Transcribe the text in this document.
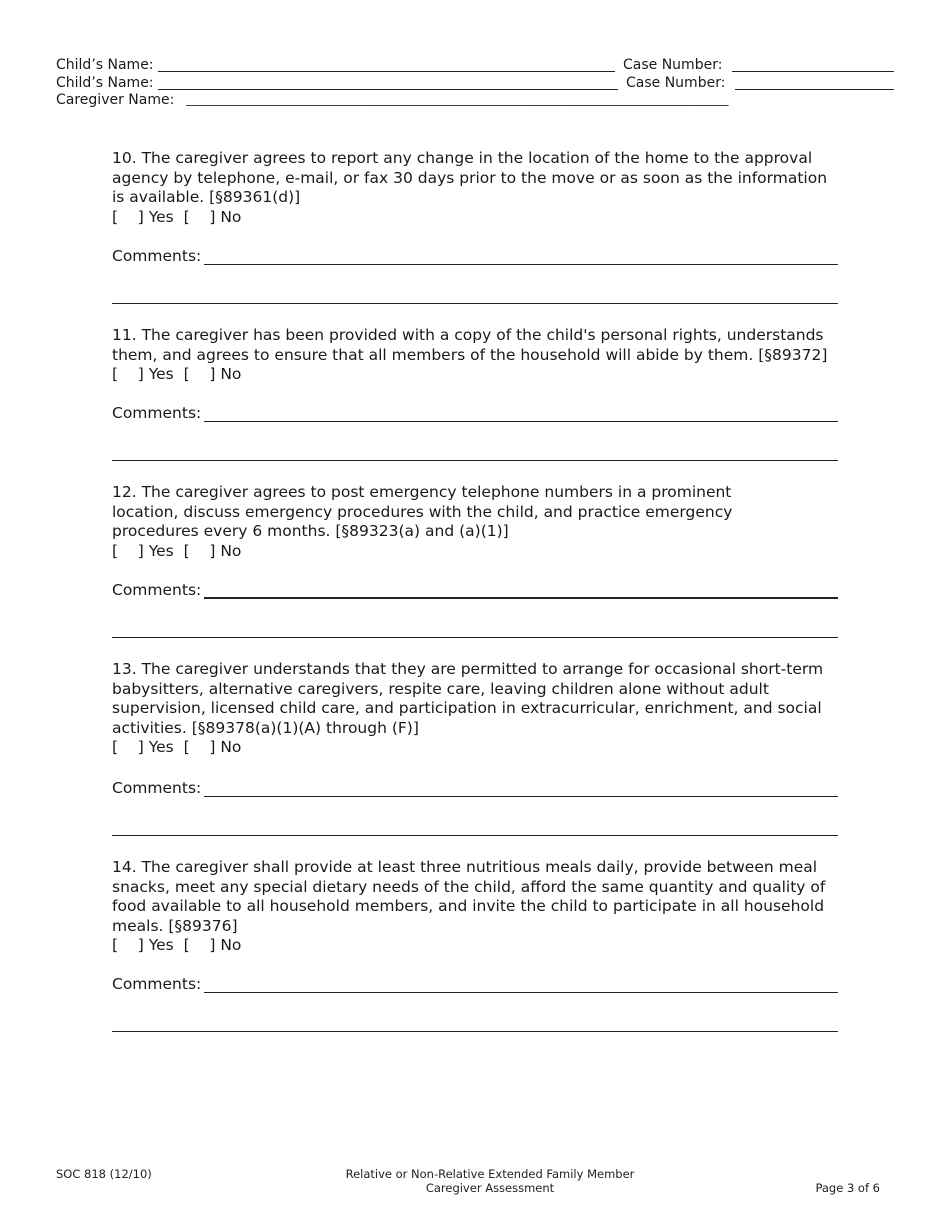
Child’s Name:	Case Number:
Child’s Name:	Case Number:
Caregiver Name: _________________________________________________________________________________

10. The caregiver agrees to report any change in the location of the home to the approval agency by telephone, e-mail, or fax 30 days prior to the move or as soon as the information is available. [§89361(d)]

[    ] Yes  [    ] No
Comments:

11. The caregiver has been provided with a copy of the child's personal rights, understands them, and agrees to ensure that all members of the household will abide by them. [§89372]

[    ] Yes  [    ] No
Comments:

12. The caregiver agrees to post emergency telephone numbers in a prominent location, discuss emergency procedures with the child, and practice emergency procedures every 6 months. [§89323(a) and (a)(1)]

[    ] Yes  [    ] No
Comments:

13. The caregiver understands that they are permitted to arrange for occasional short-term babysitters, alternative caregivers, respite care, leaving children alone without adult supervision, licensed child care, and participation in extracurricular, enrichment, and social activities. [§89378(a)(1)(A) through (F)]

[    ] Yes  [    ] No
Comments:

14. The caregiver shall provide at least three nutritious meals daily, provide between meal snacks, meet any special dietary needs of the child, afford the same quantity and quality of food available to all household members, and invite the child to participate in all household meals. [§89376]

[    ] Yes  [    ] No
Comments:
SOC 818 (12/10)	Relative or Non-Relative Extended Family Member
Caregiver Assessment	Page 3 of 6
